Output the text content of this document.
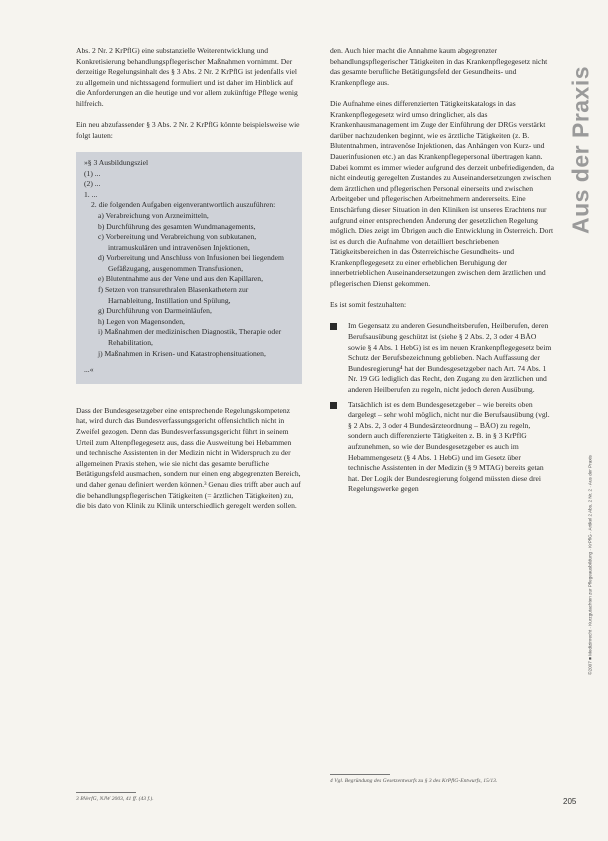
Abs. 2 Nr. 2 KrPflG) eine substanzielle Weiterentwicklung und Konkretisierung behandlungspflegerischer Maßnahmen vornimmt. Der derzeitige Regelungsinhalt des § 3 Abs. 2 Nr. 2 KrPflG ist jedenfalls viel zu allgemein und nichtssagend formuliert und ist daher im Hinblick auf die Anforderungen an die heutige und vor allem zukünftige Pflege wenig hilfreich.

Ein neu abzufassender § 3 Abs. 2 Nr. 2 KrPflG könnte beispielsweise wie folgt lauten:

»§ 3 Ausbildungsziel
(1) ...
(2) ...
1. ...
2. die folgenden Aufgaben eigenverantwortlich auszuführen:
a) Verabreichung von Arzneimitteln,
b) Durchführung des gesamten Wundmanagements,
c) Vorbereitung und Verabreichung von subkutanen, intramuskulären und intravenösen Injektionen,
d) Vorbereitung und Anschluss von Infusionen bei liegendem Gefäßzugang, ausgenommen Transfusionen,
e) Blutentnahme aus der Vene und aus den Kapillaren,
f) Setzen von transurethralen Blasenkathetern zur Harnableitung, Instillation und Spülung,
g) Durchführung von Darmeinläufen,
h) Legen von Magensonden,
i) Maßnahmen der medizinischen Diagnostik, Therapie oder Rehabilitation,
j) Maßnahmen in Krisen- und Katastrophensituationen,
...«

Dass der Bundesgesetzgeber eine entsprechende Regelungskompetenz hat, wird durch das Bundesverfassungsgericht offensichtlich nicht in Zweifel gezogen. Denn das Bundesverfassungsgericht führt in seinem Urteil zum Altenpflegegesetz aus, dass die Ausweitung bei Hebammen und technische Assistenten in der Medizin nicht in Widerspruch zu der allgemeinen Praxis stehen, wie sie nicht das gesamte berufliche Betätigungsfeld ausmachen, sondern nur einen eng abgegrenzten Bereich, und daher genau definiert werden können.³ Genau dies trifft aber auch auf die behandlungspflegerischen Tätigkeiten (= ärztlichen Tätigkeiten) zu, die bis dato von Klinik zu Klinik unterschiedlich geregelt werden sollen.

den. Auch hier macht die Annahme kaum abgegrenzter behandlungspflegerischer Tätigkeiten in das Krankenpflegegesetz nicht das gesamte berufliche Betätigungsfeld der Gesundheits- und Krankenpflege aus.

Die Aufnahme eines differenzierten Tätigkeitskatalogs in das Krankenpflegegesetz wird umso dringlicher, als das Krankenhausmanagement im Zuge der Einführung der DRGs verstärkt darüber nachzudenken beginnt, wie es ärztliche Tätigkeiten (z. B. Blutentnahmen, intravenöse Injektionen, das Anhängen von Kurz- und Dauerinfusionen etc.) an das Krankenpflegepersonal übertragen kann. Dabei kommt es immer wieder aufgrund des derzeit unbefriedigenden, da nicht eindeutig geregelten Zustandes zu Auseinandersetzungen zwischen dem ärztlichen und pflegerischen Personal einerseits und zwischen Arbeitgeber und pflegerischen Arbeitnehmern andererseits. Eine Entschärfung dieser Situation in den Kliniken ist unseres Erachtens nur aufgrund einer entsprechenden Änderung der gesetzlichen Regelung möglich. Dies zeigt im Übrigen auch die Entwicklung in Österreich. Dort ist es durch die Aufnahme von detailliert beschriebenen Tätigkeitsbereichen in das Österreichische Gesundheits- und Krankenpflegegesetz zu einer erheblichen Beruhigung der innerbetrieblichen Auseinandersetzungen zwischen dem ärztlichen und pflegerischen Dienst gekommen.

Es ist somit festzuhalten:

Im Gegensatz zu anderen Gesundheitsberufen, Heilberufen, deren Berufsausübung geschützt ist (siehe § 2 Abs. 2, 3 oder 4 BÄO sowie § 4 Abs. 1 HebG) ist es im neuen Krankenpflegegesetz beim Schutz der Berufsbezeichnung geblieben. Nach Auffassung der Bundesregierung⁴ hat der Bundesgesetzgeber nach Art. 74 Abs. 1 Nr. 19 GG lediglich das Recht, den Zugang zu den ärztlichen und anderen Heilberufen zu regeln, nicht jedoch deren Ausübung.
Tatsächlich ist es dem Bundesgesetzgeber – wie bereits oben dargelegt – sehr wohl möglich, nicht nur die Berufsausübung (vgl. § 2 Abs. 2, 3 oder 4 Bundesärzteordnung – BÄO) zu regeln, sondern auch differenzierte Tätigkeiten z. B. in § 3 KrPflG aufzunehmen, so wie der Bundesgesetzgeber es auch im Hebammengesetz (§ 4 Abs. 1 HebG) und im Gesetz über technische Assistenten in der Medizin (§ 9 MTAG) bereits getan hat. Der Logik der Bundesregierung folgend müssten diese drei Regelungswerke gegen
3 BVerfG, NJW 2003, 41 ff. (43 f.).
4 Vgl. Begründung des Gesetzentwurfs zu § 3 des KrPflG-Entwurfs, 15/13.
Aus der Praxis
©2007 ■ Medizinrecht · Kurzgutachten zur Pflegeausbildung · KrPflG · Artikel 2 Abs. 2 Nr. 2 · Aus der Praxis
205
